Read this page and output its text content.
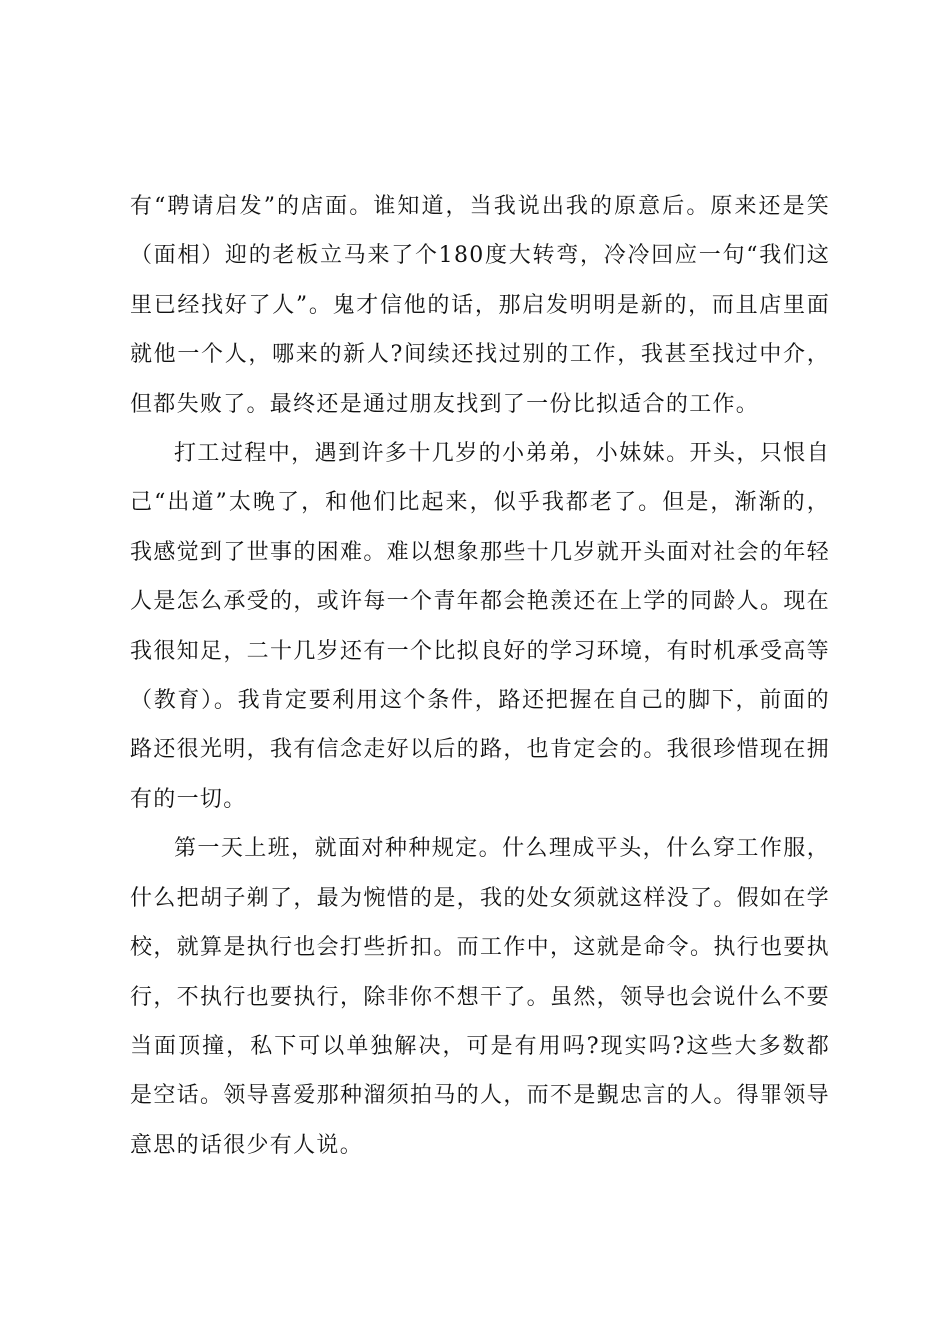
有“聘请启发”的店面。谁知道，当我说出我的原意后。原来还是笑（面相）迎的老板立马来了个180度大转弯，冷冷回应一句“我们这里已经找好了人”。鬼才信他的话，那启发明明是新的，而且店里面就他一个人，哪来的新人?间续还找过别的工作，我甚至找过中介，但都失败了。最终还是通过朋友找到了一份比拟适合的工作。

打工过程中，遇到许多十几岁的小弟弟，小妹妹。开头，只恨自己“出道”太晚了，和他们比起来，似乎我都老了。但是，渐渐的，我感觉到了世事的困难。难以想象那些十几岁就开头面对社会的年轻人是怎么承受的，或许每一个青年都会艳羡还在上学的同龄人。现在我很知足，二十几岁还有一个比拟良好的学习环境，有时机承受高等（教育）。我肯定要利用这个条件，路还把握在自己的脚下，前面的路还很光明，我有信念走好以后的路，也肯定会的。我很珍惜现在拥有的一切。

第一天上班，就面对种种规定。什么理成平头，什么穿工作服，什么把胡子剃了，最为惋惜的是，我的处女须就这样没了。假如在学校，就算是执行也会打些折扣。而工作中，这就是命令。执行也要执行，不执行也要执行，除非你不想干了。虽然，领导也会说什么不要当面顶撞，私下可以单独解决，可是有用吗?现实吗?这些大多数都是空话。领导喜爱那种溜须拍马的人，而不是覲忠言的人。得罪领导意思的话很少有人说。
